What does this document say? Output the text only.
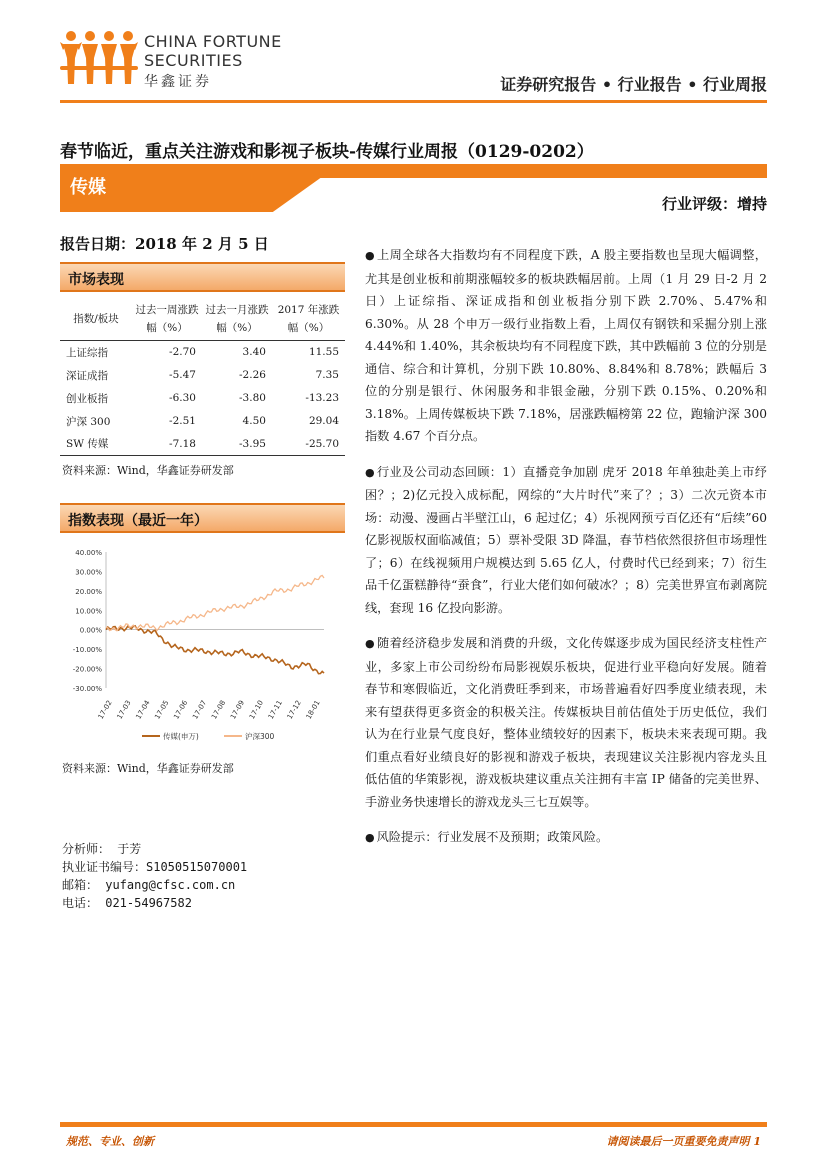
CHINA FORTUNE
SECURITIES
华鑫证券	证券研究报告 • 行业报告 • 行业周报
春节临近，重点关注游戏和影视子板块-传媒行业周报（0129-0202）
传媒
行业评级：增持
报告日期：2018 年 2 月 5 日
市场表现
指数/板块	过去一周涨跌幅（%）	过去一月涨跌幅（%）	2017 年涨跌幅（%）
上证综指	-2.70	3.40	11.55
深证成指	-5.47	-2.26	7.35
创业板指	-6.30	-3.80	-13.23
沪深 300	-2.51	4.50	29.04
SW 传媒	-7.18	-3.95	-25.70
资料来源：Wind，华鑫证券研发部
指数表现（最近一年）
40.00%
30.00%
20.00%
10.00%
0.00%
-10.00%
-20.00%
-30.00%
17-02 17-03 17-04 17-05 17-06 17-07 17-08 17-09 17-10 17-11 17-12 18-01
传媒(申万)	沪深300
资料来源：Wind，华鑫证券研发部
分析师： 于芳
执业证书编号：S1050515070001
邮箱： yufang@cfsc.com.cn
电话： 021-54967582

● 上周全球各大指数均有不同程度下跌，A 股主要指数也呈现大幅调整，尤其是创业板和前期涨幅较多的板块跌幅居前。上周（1 月 29 日-2 月 2 日）上证综指、深证成指和创业板指分别下跌 2.70%、5.47%和 6.30%。从 28 个申万一级行业指数上看，上周仅有钢铁和采掘分别上涨 4.44%和 1.40%，其余板块均有不同程度下跌，其中跌幅前 3 位的分别是通信、综合和计算机，分别下跌 10.80%、8.84%和 8.78%；跌幅后 3 位的分别是银行、休闲服务和非银金融，分别下跌 0.15%、0.20%和 3.18%。上周传媒板块下跌 7.18%，居涨跌幅榜第 22 位，跑输沪深 300 指数 4.67 个百分点。

● 行业及公司动态回顾：1）直播竞争加剧 虎牙 2018 年单独赴美上市纾困？；2)亿元投入成标配，网综的“大片时代”来了？；3）二次元资本市场：动漫、漫画占半壁江山，6 起过亿；4）乐视网预亏百亿还有“后续”60 亿影视版权面临减值；5）票补受限 3D 降温，春节档依然很挤但市场理性了；6）在线视频用户规模达到 5.65 亿人，付费时代已经到来；7）衍生品千亿蛋糕静待“蚕食”，行业大佬们如何破冰？；8）完美世界宣布剥离院线，套现 16 亿投向影游。

● 随着经济稳步发展和消费的升级，文化传媒逐步成为国民经济支柱性产业，多家上市公司纷纷布局影视娱乐板块，促进行业平稳向好发展。随着春节和寒假临近，文化消费旺季到来，市场普遍看好四季度业绩表现，未来有望获得更多资金的积极关注。传媒板块目前估值处于历史低位，我们认为在行业景气度良好，整体业绩较好的因素下，板块未来表现可期。我们重点看好业绩良好的影视和游戏子板块，表现建议关注影视内容龙头且低估值的华策影视，游戏板块建议重点关注拥有丰富 IP 储备的完美世界、手游业务快速增长的游戏龙头三七互娱等。

● 风险提示：行业发展不及预期；政策风险。

规范、专业、创新	请阅读最后一页重要免责声明 1
